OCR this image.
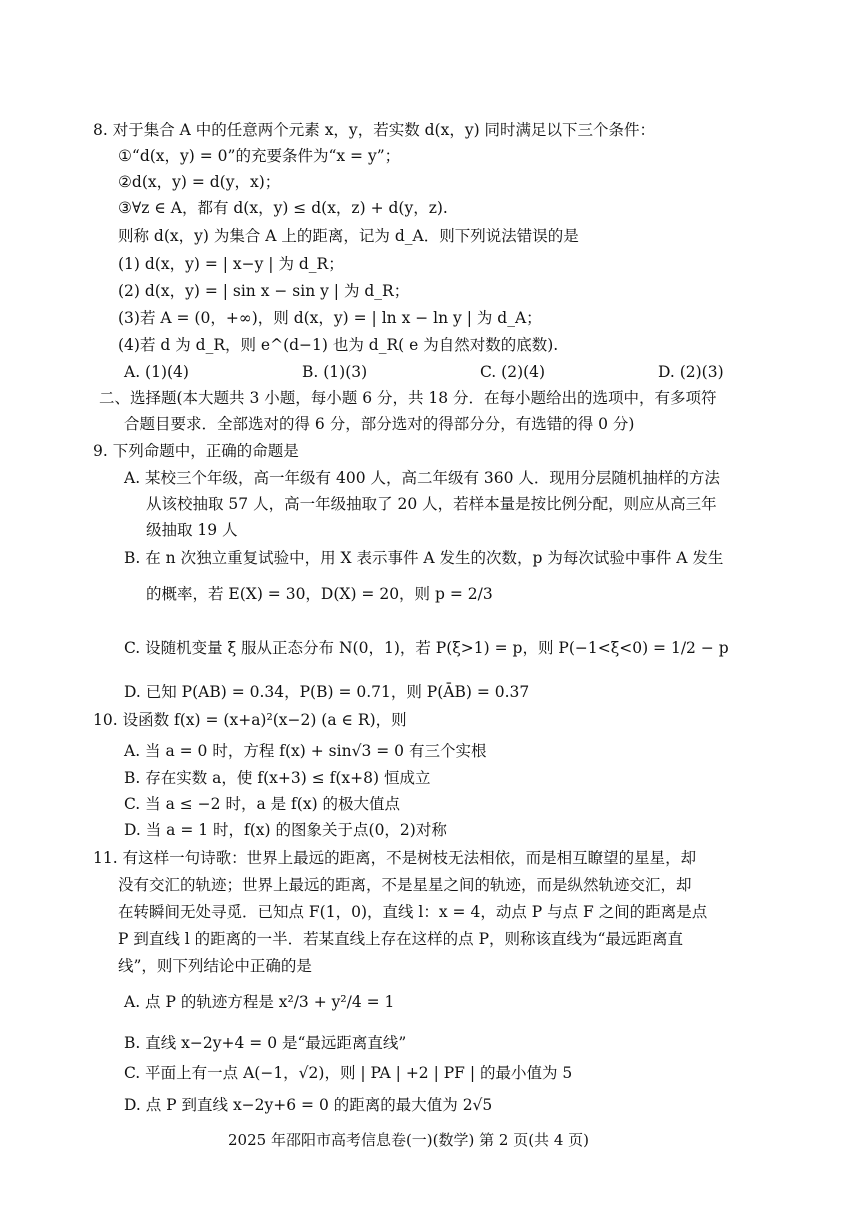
8. 对于集合 A 中的任意两个元素 x，y，若实数 d(x，y) 同时满足以下三个条件：
①“d(x，y) = 0”的充要条件为“x = y”；
②d(x，y) = d(y，x)；
③∀z ∈ A，都有 d(x，y) ≤ d(x，z) + d(y，z).
则称 d(x，y) 为集合 A 上的距离，记为 d_A．则下列说法错误的是
(1) d(x，y) = | x−y | 为 d_R；
(2) d(x，y) = | sin x − sin y | 为 d_R；
(3)若 A = (0，+∞)，则 d(x，y) = | ln x − ln y | 为 d_A；
(4)若 d 为 d_R，则 e^(d−1) 也为 d_R( e 为自然对数的底数).
A. (1)(4)	B. (1)(3)	C. (2)(4)	D. (2)(3)
二、选择题(本大题共 3 小题，每小题 6 分，共 18 分．在每小题给出的选项中，有多项符
合题目要求．全部选对的得 6 分，部分选对的得部分分，有选错的得 0 分)
9. 下列命题中，正确的命题是
A. 某校三个年级，高一年级有 400 人，高二年级有 360 人．现用分层随机抽样的方法
从该校抽取 57 人，高一年级抽取了 20 人，若样本量是按比例分配，则应从高三年
级抽取 19 人
B. 在 n 次独立重复试验中，用 X 表示事件 A 发生的次数，p 为每次试验中事件 A 发生
的概率，若 E(X) = 30，D(X) = 20，则 p = 2/3
C. 设随机变量 ξ 服从正态分布 N(0，1)，若 P(ξ>1) = p，则 P(−1<ξ<0) = 1/2 − p
D. 已知 P(AB) = 0.34，P(B) = 0.71，则 P(ĀB) = 0.37
10. 设函数 f(x) = (x+a)²(x−2) (a ∈ R)，则
A. 当 a = 0 时，方程 f(x) + sin√3 = 0 有三个实根
B. 存在实数 a，使 f(x+3) ≤ f(x+8) 恒成立
C. 当 a ≤ −2 时，a 是 f(x) 的极大值点
D. 当 a = 1 时，f(x) 的图象关于点(0，2)对称
11. 有这样一句诗歌：世界上最远的距离，不是树枝无法相依，而是相互瞭望的星星，却
没有交汇的轨迹；世界上最远的距离，不是星星之间的轨迹，而是纵然轨迹交汇，却
在转瞬间无处寻觅．已知点 F(1，0)，直线 l：x = 4，动点 P 与点 F 之间的距离是点
P 到直线 l 的距离的一半．若某直线上存在这样的点 P，则称该直线为“最远距离直
线”，则下列结论中正确的是
A. 点 P 的轨迹方程是 x²/3 + y²/4 = 1
B. 直线 x−2y+4 = 0 是“最远距离直线”
C. 平面上有一点 A(−1，√2)，则 | PA | +2 | PF | 的最小值为 5
D. 点 P 到直线 x−2y+6 = 0 的距离的最大值为 2√5
2025 年邵阳市高考信息卷(一)(数学) 第 2 页(共 4 页)
